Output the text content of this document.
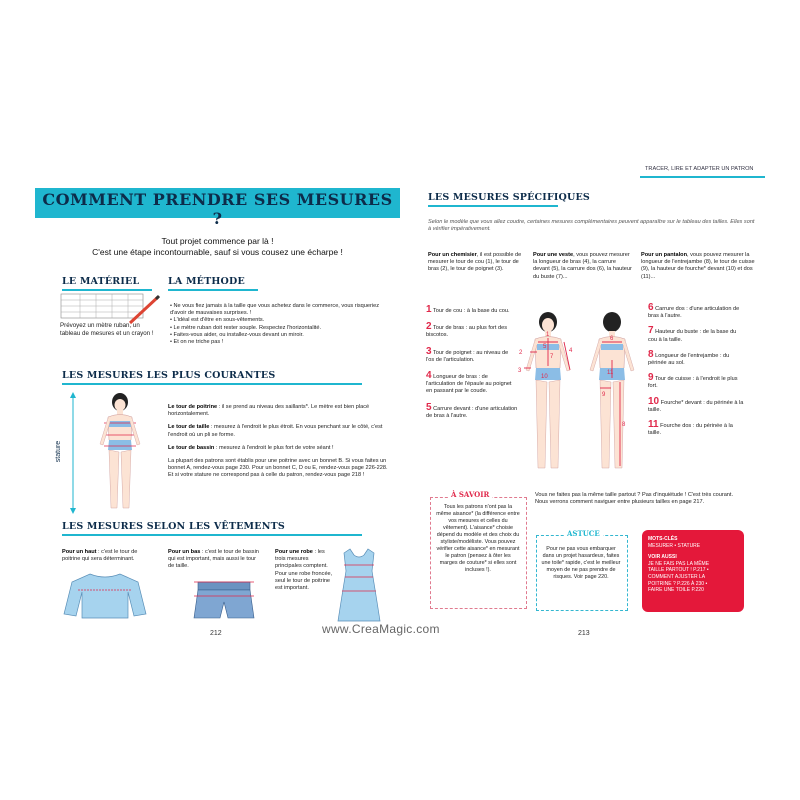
TRACER, LIRE ET ADAPTER UN PATRON
COMMENT PRENDRE SES MESURES ?
Tout projet commence par là !
C'est une étape incontournable, sauf si vous cousez une écharpe !
LE MATÉRIEL
Prévoyez un mètre ruban, un tableau de mesures et un crayon !
LA MÉTHODE
• Ne vous fiez jamais à la taille que vous achetez dans le commerce, vous risqueriez d'avoir de mauvaises surprises. !
• L'idéal est d'être en sous-vêtements.
• Le mètre ruban doit rester souple. Respectez l'horizontalité.
• Faites-vous aider, ou installez-vous devant un miroir.
• Et on ne triche pas !
LES MESURES LES PLUS COURANTES
stature
Le tour de poitrine : il se prend au niveau des saillants*. Le mètre est bien placé horizontalement.
Le tour de taille : mesurez à l'endroit le plus étroit. En vous penchant sur le côté, c'est l'endroit où un pli se forme.
Le tour de bassin : mesurez à l'endroit le plus fort de votre séant !
La plupart des patrons sont établis pour une poitrine avec un bonnet B. Si vous faites un bonnet A, rendez-vous page 230. Pour un bonnet C, D ou E, rendez-vous page 226-228. Et si votre stature ne correspond pas à celle du patron, rendez-vous page 218 !
LES MESURES SELON LES VÊTEMENTS
Pour un haut : c'est le tour de poitrine qui sera déterminant.
Pour un bas : c'est le tour de bassin qui est important, mais aussi le tour de taille.
Pour une robe : les trois mesures principales comptent. Pour une robe froncée, seul le tour de poitrine est important.
212	www.CreaMagic.com
LES MESURES SPÉCIFIQUES
Selon le modèle que vous allez coudre, certaines mesures complémentaires peuvent apparaître sur le tableau des tailles. Elles sont à vérifier impérativement.
Pour un chemisier, il est possible de mesurer le tour de cou (1), le tour de bras (2), le tour de poignet (3).
Pour une veste, vous pouvez mesurer la longueur de bras (4), la carrure devant (5), la carrure dos (6), la hauteur du buste (7)...
Pour un pantalon, vous pouvez mesurer la longueur de l'entrejambe (8), le tour de cuisse (9), la hauteur de fourche* devant (10) et dos (11)...
1 Tour de cou : à la base du cou.
2 Tour de bras : au plus fort des biscotos.
3 Tour de poignet : au niveau de l'os de l'articulation.
4 Longueur de bras : de l'articulation de l'épaule au poignet en passant par le coude.
5 Carrure devant : d'une articulation de bras à l'autre.
6 Carrure dos : d'une articulation de bras à l'autre.
7 Hauteur du buste : de la base du cou à la taille.
8 Longueur de l'entrejambe : du périnée au sol.
9 Tour de cuisse : à l'endroit le plus fort.
10 Fourche* devant : du périnée à la taille.
11 Fourche dos : du périnée à la taille.
2
1
5
4
7
3
10
6
11
9
8
À SAVOIR
Tous les patrons n'ont pas la même aisance* (la différence entre vos mesures et celles du vêtement). L'aisance* choisie dépend du modèle et des choix du styliste/modéliste. Vous pouvez vérifier cette aisance* en mesurant le patron (pensez à ôter les marges de couture* si elles sont incluses !).
Vous ne faites pas la même taille partout ? Pas d'inquiétude ! C'est très courant. Nous verrons comment naviguer entre plusieurs tailles en page 217.
ASTUCE
Pour ne pas vous embarquer dans un projet hasardeux, faites une toile* rapide, c'est le meilleur moyen de ne pas prendre de risques. Voir page 220.
MOTS-CLÉS
MESURER • STATURE
VOIR AUSSI
JE NE FAIS PAS LA MÊME
TAILLE PARTOUT ! P.217 •
COMMENT AJUSTER LA
POITRINE ? P.226 À 230 •
FAIRE UNE TOILE P.220
213
